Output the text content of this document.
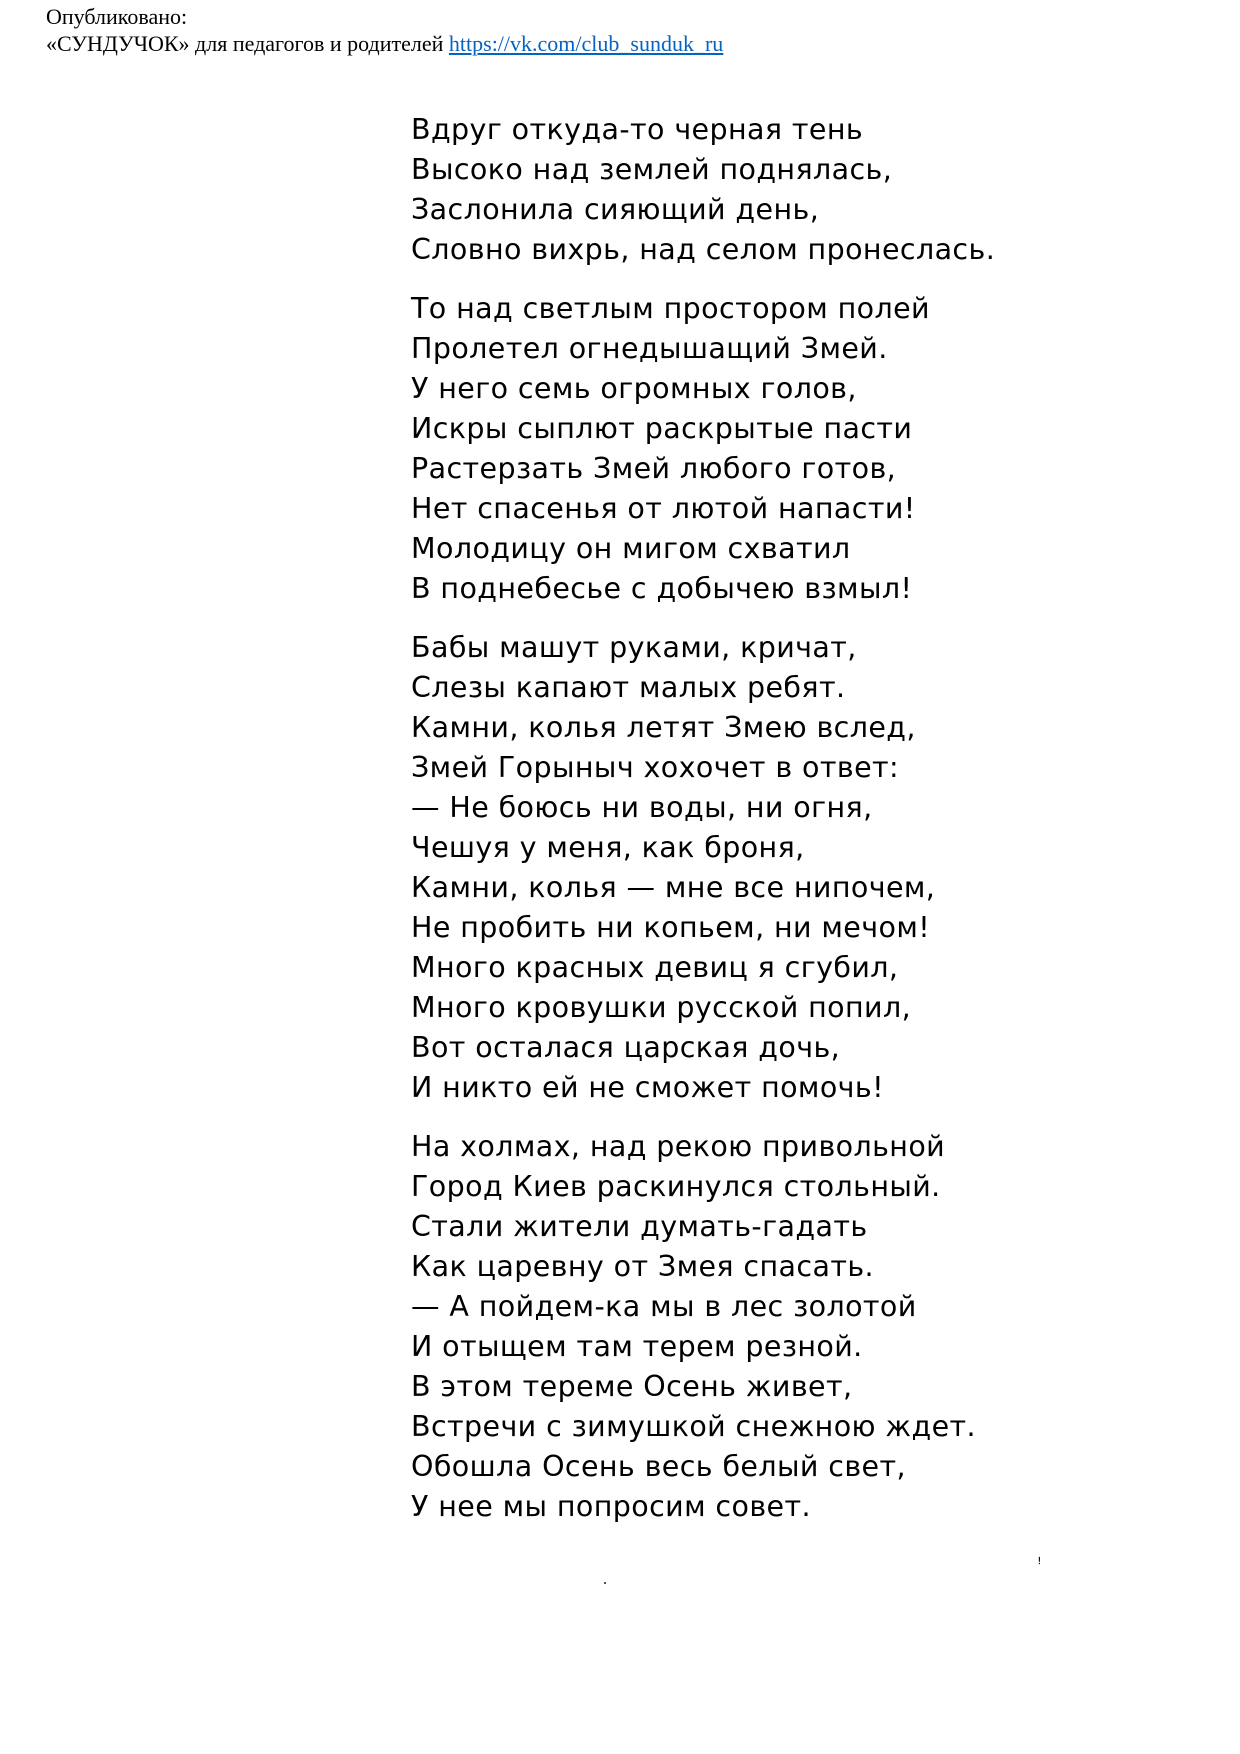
Опубликовано:
«СУНДУЧОК» для педагогов и родителей https://vk.com/club_sunduk_ru
Вдруг откуда-то черная тень
Высоко над землей поднялась,
Заслонила сияющий день,
Словно вихрь, над селом пронеслась.
То над светлым простором полей
Пролетел огнедышащий Змей.
У него семь огромных голов,
Искры сыплют раскрытые пасти
Растерзать Змей любого готов,
Нет спасенья от лютой напасти!
Молодицу он мигом схватил
В поднебесье с добычею взмыл!
Бабы машут руками, кричат,
Слезы капают малых ребят.
Камни, колья летят Змею вслед,
Змей Горыныч хохочет в ответ:
— Не боюсь ни воды, ни огня,
Чешуя у меня, как броня,
Камни, колья — мне все нипочем,
Не пробить ни копьем, ни мечом!
Много красных девиц я сгубил,
Много кровушки русской попил,
Вот осталася царская дочь,
И никто ей не сможет помочь!
На холмах, над рекою привольной
Город Киев раскинулся стольный.
Стали жители думать-гадать
Как царевну от Змея спасать.
— А пойдем-ка мы в лес золотой
И отыщем там терем резной.
В этом тереме Осень живет,
Встречи с зимушкой снежною ждет.
Обошла Осень весь белый свет,
У нее мы попросим совет.
ꜝ
